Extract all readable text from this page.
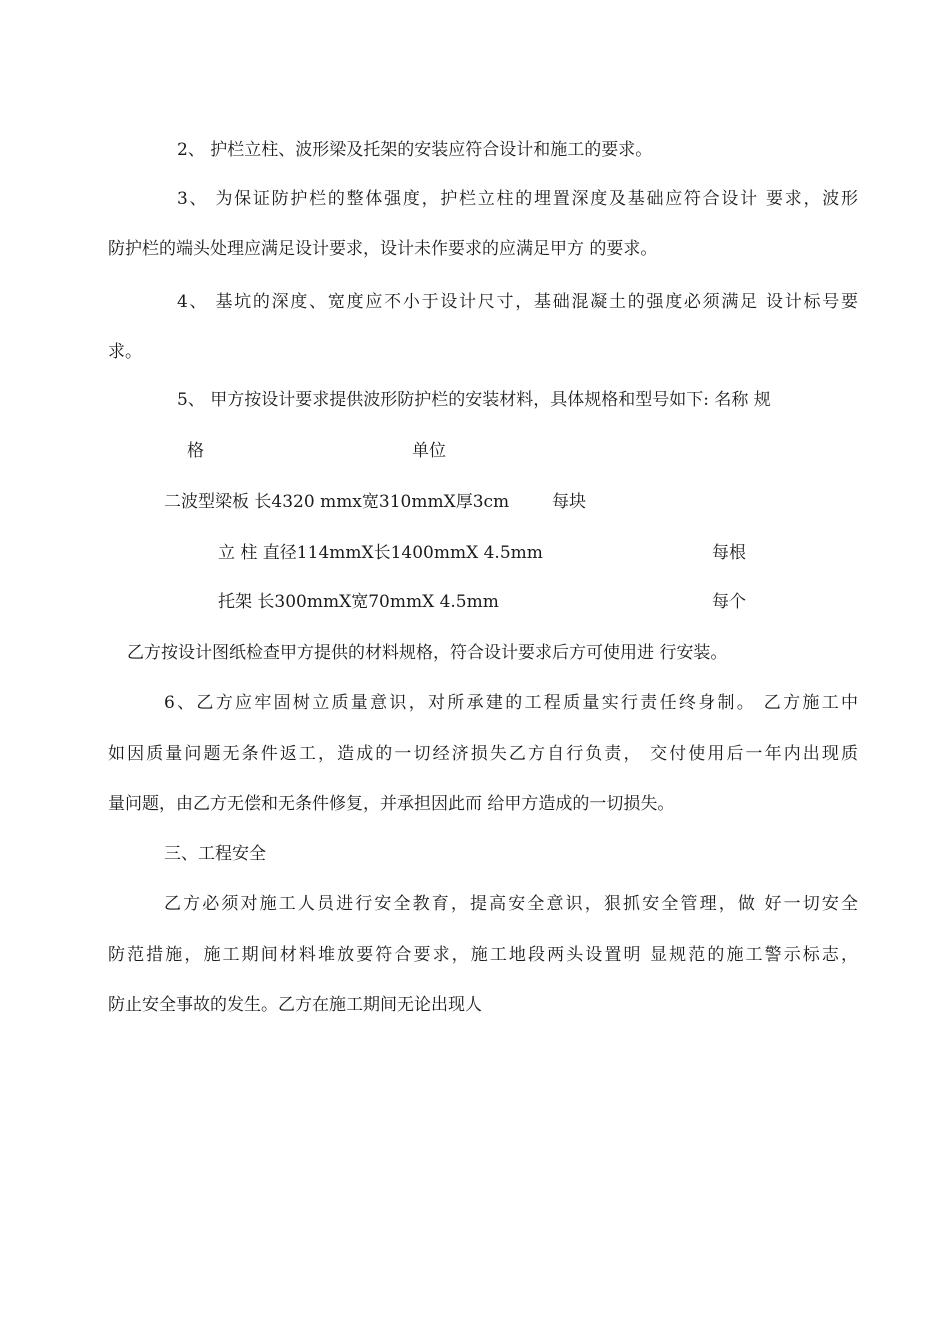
2、 护栏立柱、波形梁及托架的安装应符合设计和施工的要求。
3、 为保证防护栏的整体强度，护栏立柱的埋置深度及基础应符合设计 要求，波形
防护栏的端头处理应满足设计要求，设计未作要求的应满足甲方 的要求。
4、 基坑的深度、宽度应不小于设计尺寸，基础混凝土的强度必须满足 设计标号要
求。
5、 甲方按设计要求提供波形防护栏的安装材料，具体规格和型号如下: 名称 规
格	单位
二波型梁板 长4320 mmx宽310mmX厚3cm	每块
立 柱 直径114mmX长1400mmX 4.5mm	每根
托架 长300mmX宽70mmX 4.5mm	每个
乙方按设计图纸检查甲方提供的材料规格，符合设计要求后方可使用进 行安装。
6、乙方应牢固树立质量意识，对所承建的工程质量实行责任终身制。 乙方施工中
如因质量问题无条件返工，造成的一切经济损失乙方自行负责， 交付使用后一年内出现质
量问题，由乙方无偿和无条件修复，并承担因此而 给甲方造成的一切损失。
三、工程安全
乙方必须对施工人员进行安全教育，提高安全意识，狠抓安全管理，做 好一切安全
防范措施，施工期间材料堆放要符合要求，施工地段两头设置明 显规范的施工警示标志，
防止安全事故的发生。乙方在施工期间无论出现人
